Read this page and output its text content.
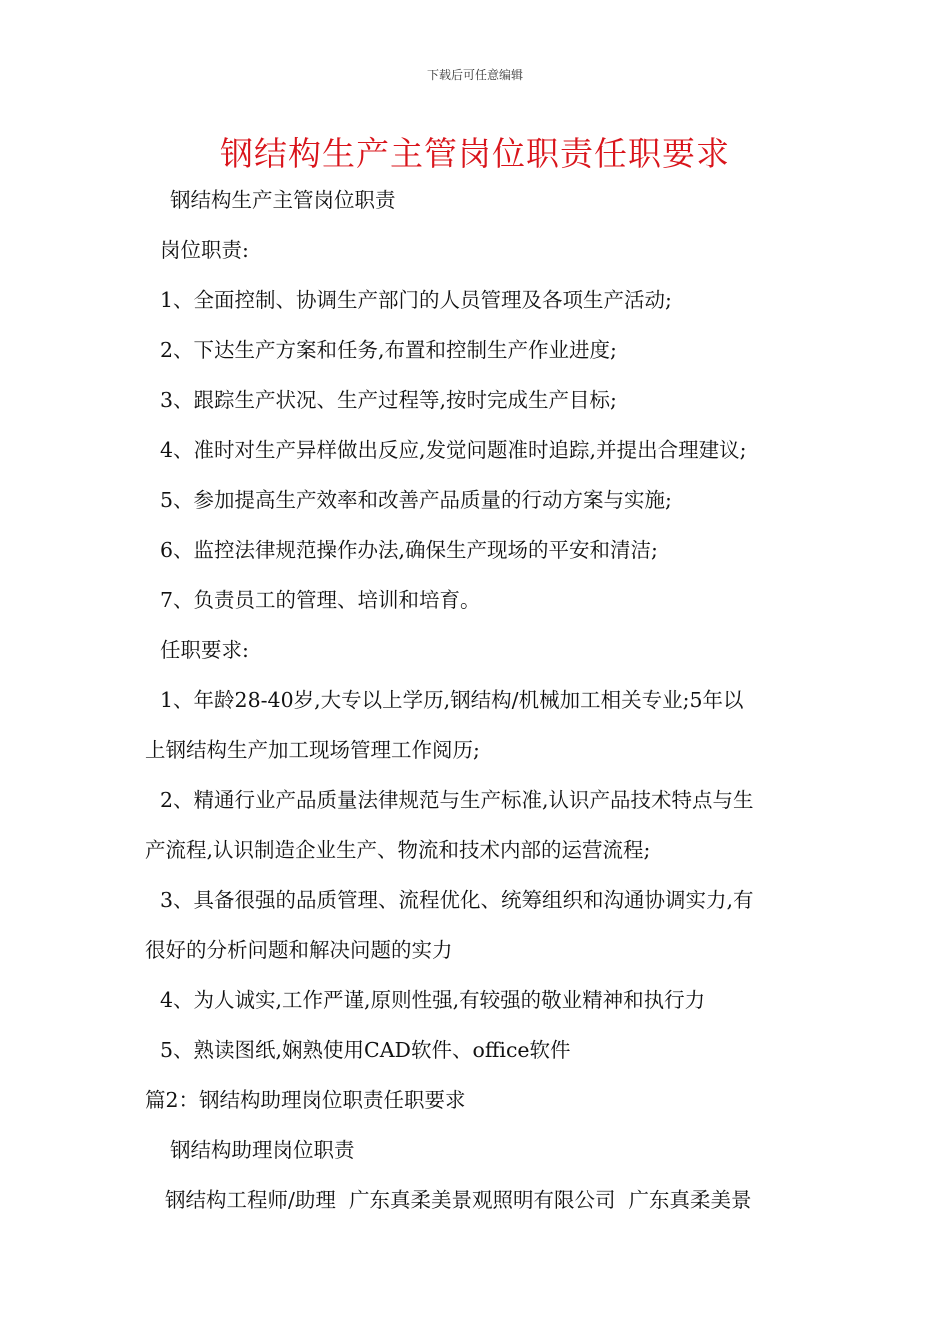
下载后可任意编辑
钢结构生产主管岗位职责任职要求
钢结构生产主管岗位职责
岗位职责:
1、全面控制、协调生产部门的人员管理及各项生产活动;
2、下达生产方案和任务,布置和控制生产作业进度;
3、跟踪生产状况、生产过程等,按时完成生产目标;
4、准时对生产异样做出反应,发觉问题准时追踪,并提出合理建议;
5、参加提高生产效率和改善产品质量的行动方案与实施;
6、监控法律规范操作办法,确保生产现场的平安和清洁;
7、负责员工的管理、培训和培育。
任职要求:
1、年龄28-40岁,大专以上学历,钢结构/机械加工相关专业;5年以
上钢结构生产加工现场管理工作阅历;
2、精通行业产品质量法律规范与生产标准,认识产品技术特点与生
产流程,认识制造企业生产、物流和技术内部的运营流程;
3、具备很强的品质管理、流程优化、统筹组织和沟通协调实力,有
很好的分析问题和解决问题的实力
4、为人诚实,工作严谨,原则性强,有较强的敬业精神和执行力
5、熟读图纸,娴熟使用CAD软件、office软件
篇2：钢结构助理岗位职责任职要求
钢结构助理岗位职责
钢结构工程师/助理  广东真柔美景观照明有限公司  广东真柔美景
